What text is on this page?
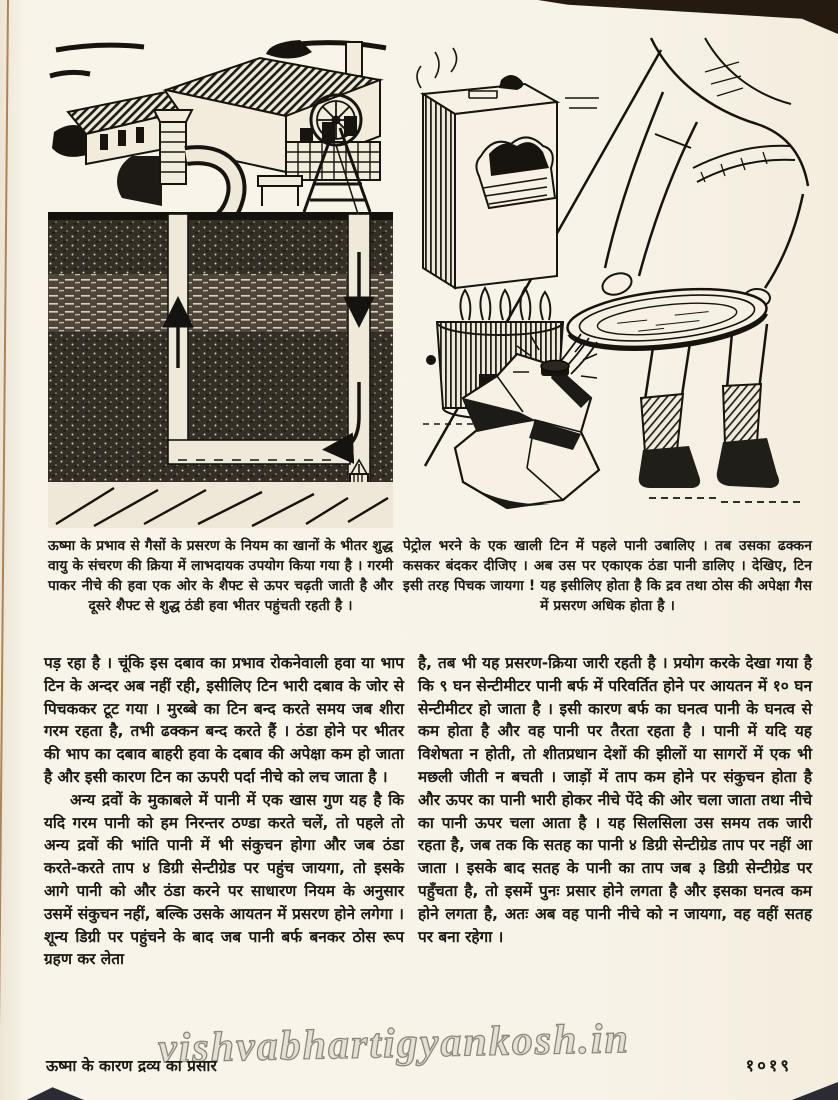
ऊष्मा के प्रभाव से गैसों के प्रसरण के नियम का खानों के भीतर शुद्ध वायु के संचरण की क्रिया में लाभदायक उपयोग किया गया है । गरमी पाकर नीचे की हवा एक ओर के शैफ्ट से ऊपर चढ़ती जाती है और दूसरे शैफ्ट से शुद्ध ठंडी हवा भीतर पहुंचती रहती है ।
पेट्रोल भरने के एक खाली टिन में पहले पानी उबालिए । तब उसका ढक्कन कसकर बंदकर दीजिए । अब उस पर एकाएक ठंडा पानी डालिए । देखिए, टिन इसी तरह पिचक जायगा ! यह इसीलिए होता है कि द्रव तथा ठोस की अपेक्षा गैस में प्रसरण अधिक होता है ।

पड़ रहा है । चूंकि इस दबाव का प्रभाव रोकनेवाली हवा या भाप टिन के अन्दर अब नहीं रही, इसीलिए टिन भारी दबाव के जोर से पिचककर टूट गया । मुरब्बे का टिन बन्द करते समय जब शीरा गरम रहता है, तभी ढक्कन बन्द करते हैं । ठंडा होने पर भीतर की भाप का दबाव बाहरी हवा के दबाव की अपेक्षा कम हो जाता है और इसी कारण टिन का ऊपरी पर्दा नीचे को लच जाता है ।

अन्य द्रवों के मुकाबले में पानी में एक खास गुण यह है कि यदि गरम पानी को हम निरन्तर ठण्डा करते चलें, तो पहले तो अन्य द्रवों की भांति पानी में भी संकुचन होगा और जब ठंडा करते-करते ताप ४ डिग्री सेन्टीग्रेड पर पहुंच जायगा, तो इसके आगे पानी को और ठंडा करने पर साधारण नियम के अनुसार उसमें संकुचन नहीं, बल्कि उसके आयतन में प्रसरण होने लगेगा । शून्य डिग्री पर पहुंचने के बाद जब पानी बर्फ बनकर ठोस रूप ग्रहण कर लेता

है, तब भी यह प्रसरण-क्रिया जारी रहती है । प्रयोग करके देखा गया है कि ९ घन सेन्टीमीटर पानी बर्फ में परिवर्तित होने पर आयतन में १० घन सेन्टीमीटर हो जाता है । इसी कारण बर्फ का घनत्व पानी के घनत्व से कम होता है और वह पानी पर तैरता रहता है । पानी में यदि यह विशेषता न होती, तो शीतप्रधान देशों की झीलों या सागरों में एक भी मछली जीती न बचती । जाड़ों में ताप कम होने पर संकुचन होता है और ऊपर का पानी भारी होकर नीचे पेंदे की ओर चला जाता तथा नीचे का पानी ऊपर चला आता है । यह सिलसिला उस समय तक जारी रहता है, जब तक कि सतह का पानी ४ डिग्री सेन्टीग्रेड ताप पर नहीं आ जाता । इसके बाद सतह के पानी का ताप जब ३ डिग्री सेन्टीग्रेड पर पहुँचता है, तो इसमें पुनः प्रसार होने लगता है और इसका घनत्व कम होने लगता है, अतः अब वह पानी नीचे को न जायगा, वह वहीं सतह पर बना रहेगा ।

vishvabhartigyankosh.in
ऊष्मा के कारण द्रव्य का प्रसार	१०१९
